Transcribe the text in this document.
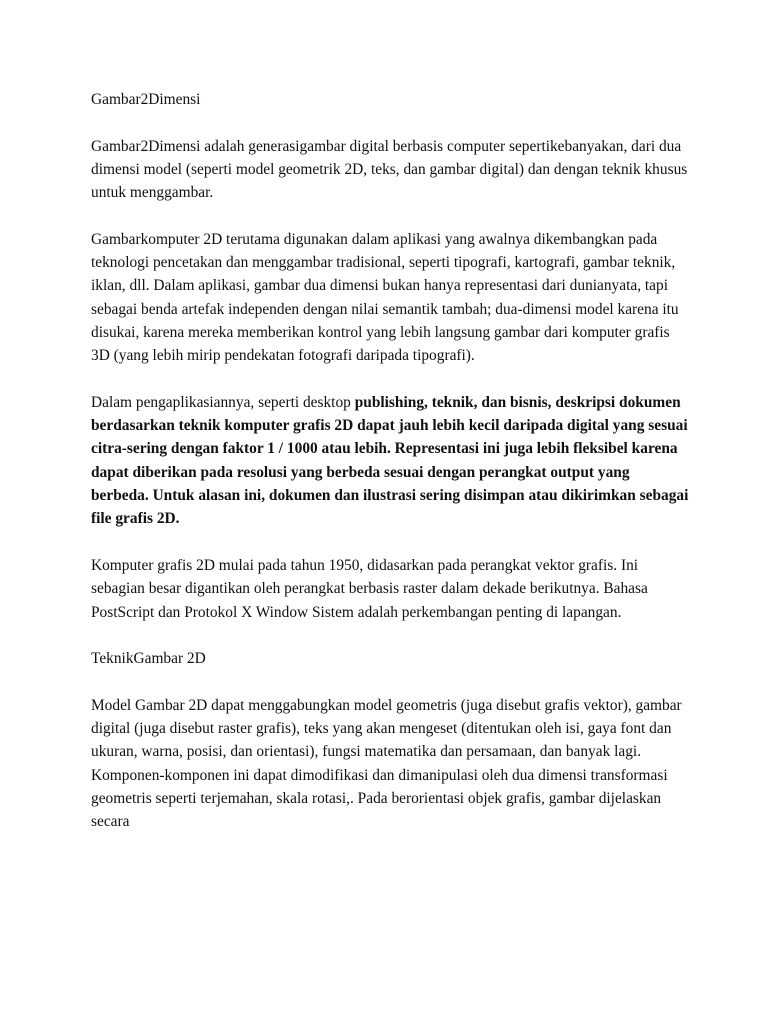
Gambar2Dimensi

Gambar2Dimensi adalah generasigambar digital berbasis computer sepertikebanyakan, dari dua dimensi model (seperti model geometrik 2D, teks, dan gambar digital) dan dengan teknik khusus untuk menggambar.

Gambarkomputer 2D terutama digunakan dalam aplikasi yang awalnya dikembangkan pada teknologi pencetakan dan menggambar tradisional, seperti tipografi, kartografi, gambar teknik, iklan, dll. Dalam aplikasi, gambar dua dimensi bukan hanya representasi dari dunianyata, tapi sebagai benda artefak independen dengan nilai semantik tambah; dua-dimensi model karena itu disukai, karena mereka memberikan kontrol yang lebih langsung gambar dari komputer grafis 3D (yang lebih mirip pendekatan fotografi daripada tipografi).

Dalam pengaplikasiannya, seperti desktop publishing, teknik, dan bisnis, deskripsi dokumen berdasarkan teknik komputer grafis 2D dapat jauh lebih kecil daripada digital yang sesuai citra-sering dengan faktor 1 / 1000 atau lebih. Representasi ini juga lebih fleksibel karena dapat diberikan pada resolusi yang berbeda sesuai dengan perangkat output yang berbeda. Untuk alasan ini, dokumen dan ilustrasi sering disimpan atau dikirimkan sebagai file grafis 2D.

Komputer grafis 2D mulai pada tahun 1950, didasarkan pada perangkat vektor grafis. Ini sebagian besar digantikan oleh perangkat berbasis raster dalam dekade berikutnya. Bahasa PostScript dan Protokol X Window Sistem adalah perkembangan penting di lapangan.

TeknikGambar 2D

Model Gambar 2D dapat menggabungkan model geometris (juga disebut grafis vektor), gambar digital (juga disebut raster grafis), teks yang akan mengeset (ditentukan oleh isi, gaya font dan ukuran, warna, posisi, dan orientasi), fungsi matematika dan persamaan, dan banyak lagi. Komponen-komponen ini dapat dimodifikasi dan dimanipulasi oleh dua dimensi transformasi geometris seperti terjemahan, skala rotasi,. Pada berorientasi objek grafis, gambar dijelaskan secara
